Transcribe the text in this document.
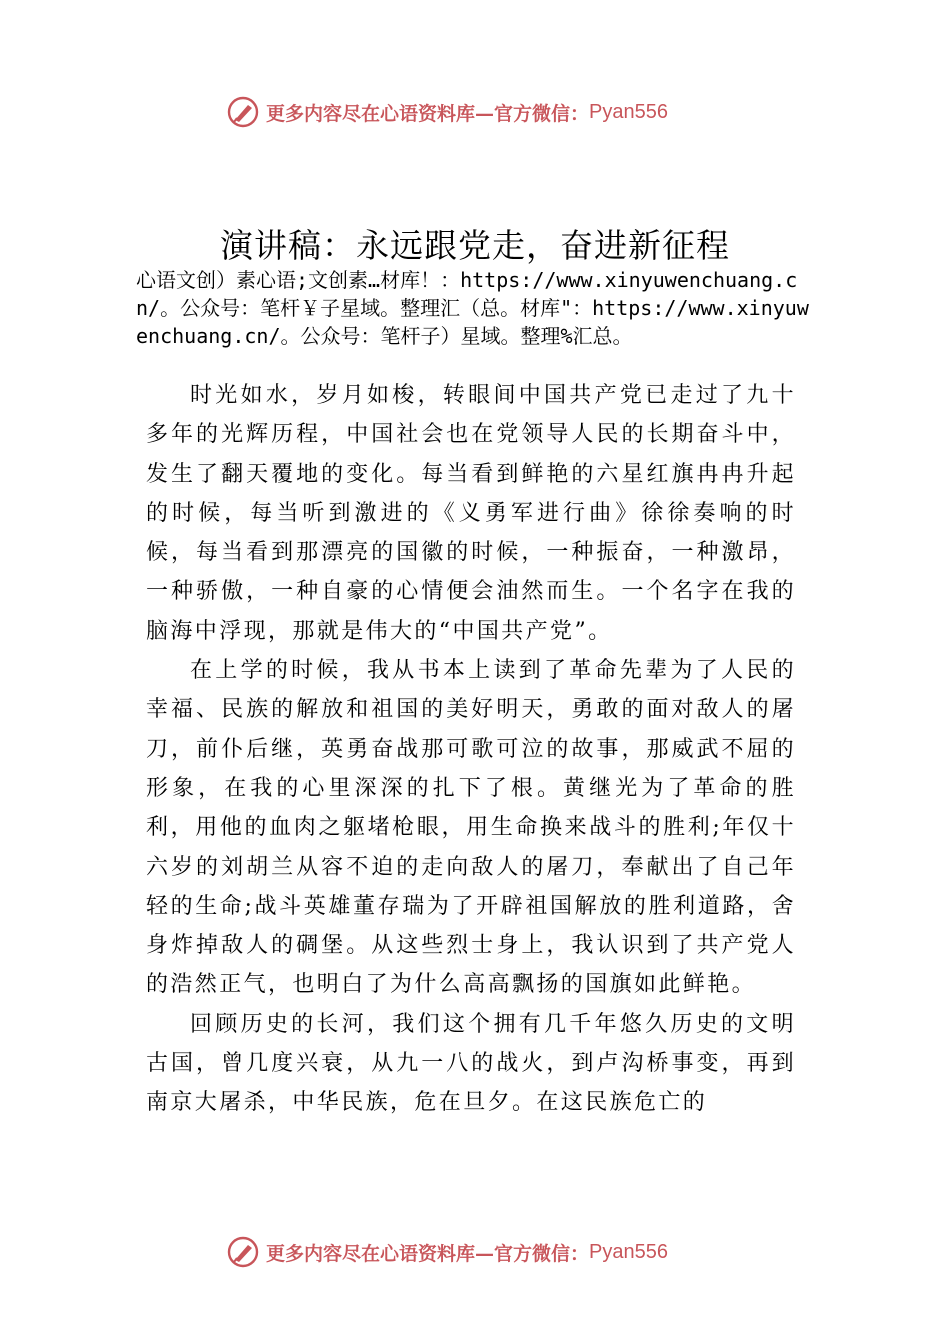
更多内容尽在心语资料库 —官方微信： Pyan556
演讲稿：永远跟党走，奋进新征程
心语文创）素心语;文创素…材库！：https://www.xinyuwenchuang.cn/。公众号：笔杆￥子星域。整理汇（总。材库"：https://www.xinyuwenchuang.cn/。公众号：笔杆子）星域。整理%汇总。

时光如水，岁月如梭，转眼间中国共产党已走过了九十多年的光辉历程，中国社会也在党领导人民的长期奋斗中，发生了翻天覆地的变化。每当看到鲜艳的六星红旗冉冉升起的时候，每当听到激进的《义勇军进行曲》徐徐奏响的时候，每当看到那漂亮的国徽的时候，一种振奋，一种激昂，一种骄傲，一种自豪的心情便会油然而生。一个名字在我的脑海中浮现，那就是伟大的“中国共产党”。

在上学的时候，我从书本上读到了革命先辈为了人民的幸福、民族的解放和祖国的美好明天，勇敢的面对敌人的屠刀，前仆后继，英勇奋战那可歌可泣的故事，那威武不屈的形象，在我的心里深深的扎下了根。黄继光为了革命的胜利，用他的血肉之躯堵枪眼，用生命换来战斗的胜利;年仅十六岁的刘胡兰从容不迫的走向敌人的屠刀，奉献出了自己年轻的生命;战斗英雄董存瑞为了开辟祖国解放的胜利道路，舍身炸掉敌人的碉堡。从这些烈士身上，我认识到了共产党人的浩然正气，也明白了为什么高高飘扬的国旗如此鲜艳。

回顾历史的长河，我们这个拥有几千年悠久历史的文明古国，曾几度兴衰，从九一八的战火，到卢沟桥事变，再到南京大屠杀，中华民族，危在旦夕。在这民族危亡的

更多内容尽在心语资料库 —官方微信： Pyan556
